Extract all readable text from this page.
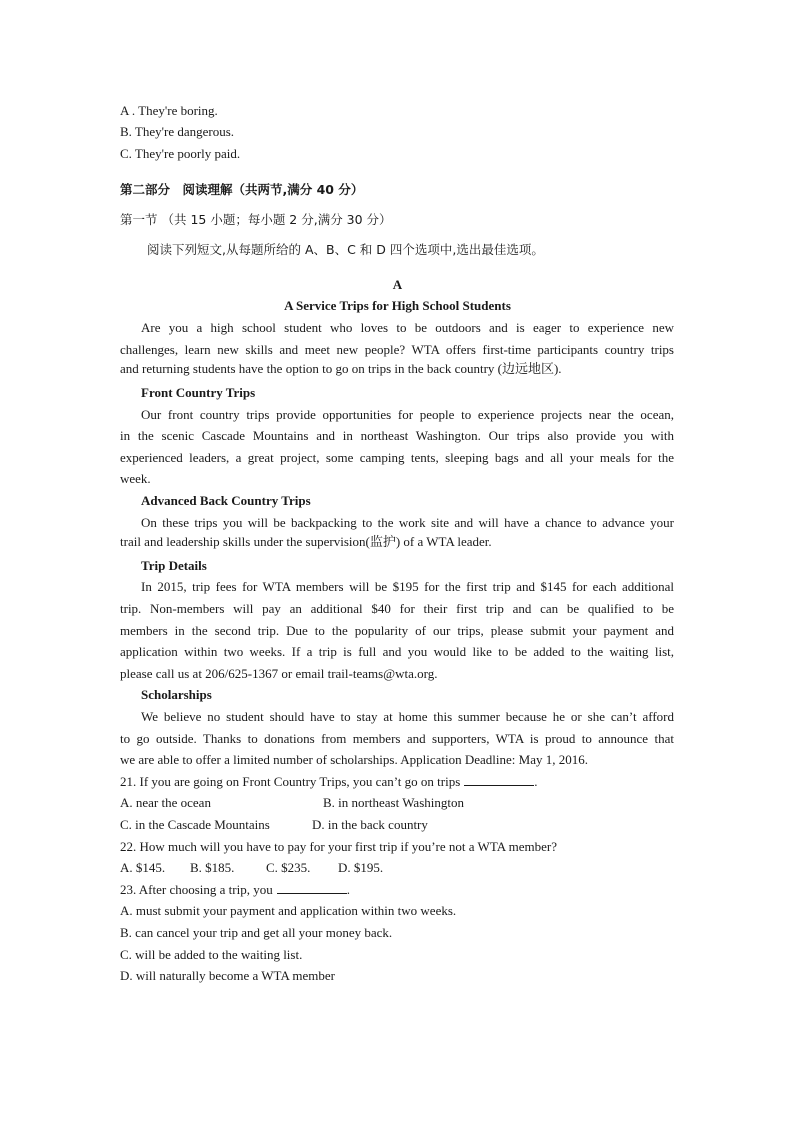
A . They're boring.
B. They're dangerous.
C. They're poorly paid.
第二部分　阅读理解（共两节,满分 40 分）
第一节 （共 15 小题；每小题 2 分,满分 30 分）
阅读下列短文,从每题所给的 A、B、C 和 D 四个选项中,选出最佳选项。
A
A Service Trips for High School Students
Are you a high school student who loves to be outdoors and is eager to experience new
challenges, learn new skills and meet new people? WTA offers first-time participants country trips
and returning students have the option to go on trips in the back country (边远地区).
Front Country Trips
Our front country trips provide opportunities for people to experience projects near the ocean,
in the scenic Cascade Mountains and in northeast Washington. Our trips also provide you with
experienced leaders, a great project, some camping tents, sleeping bags and all your meals for the
week.
Advanced Back Country Trips
On these trips you will be backpacking to the work site and will have a chance to advance your
trail and leadership skills under the supervision(监护) of a WTA leader.
Trip Details
In 2015, trip fees for WTA members will be $195 for the first trip and $145 for each additional
trip. Non-members will pay an additional $40 for their first trip and can be qualified to be
members in the second trip. Due to the popularity of our trips, please submit your payment and
application within two weeks. If a trip is full and you would like to be added to the waiting list,
please call us at 206/625-1367 or email trail-teams@wta.org.
Scholarships
We believe no student should have to stay at home this summer because he or she can’t afford
to go outside. Thanks to donations from members and supporters, WTA is proud to announce that
we are able to offer a limited number of scholarships. Application Deadline: May 1, 2016.
21. If you are going on Front Country Trips, you can’t go on trips	.
A. near the ocean	B. in northeast Washington
C. in the Cascade Mountains	D. in the back country
22. How much will you have to pay for your first trip if you’re not a WTA member?
A. $145. B. $185. C. $235. D. $195.
23. After choosing a trip, you	.
A. must submit your payment and application within two weeks.
B. can cancel your trip and get all your money back.
C. will be added to the waiting list.
D. will naturally become a WTA member
